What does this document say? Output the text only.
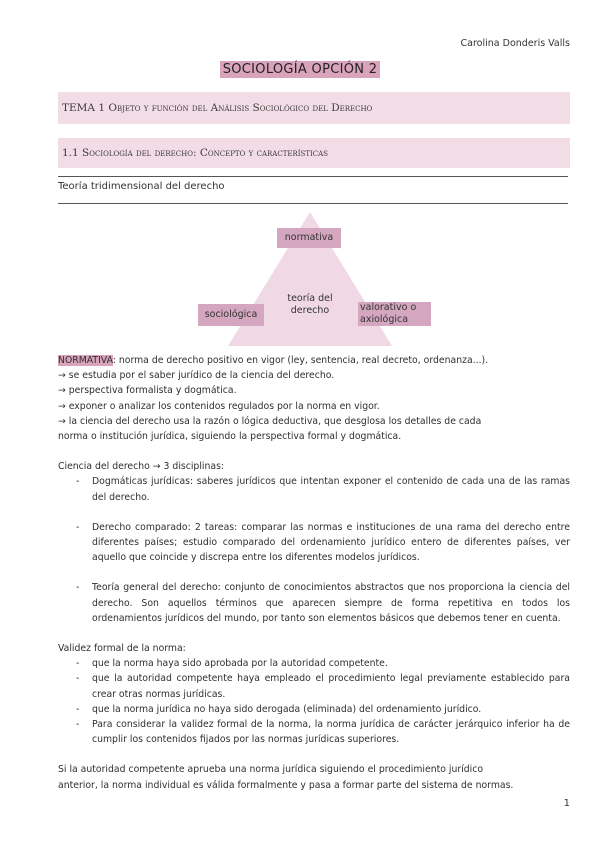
Carolina Donderis Valls
SOCIOLOGÍA OPCIÓN 2
TEMA 1 Objeto y función del Análisis Sociológico del Derecho
1.1 Sociología del derecho: Concepto y características
Teoría tridimensional del derecho
normativa
teoría del derecho
sociológica
valorativo o axiológica

NORMATIVA: norma de derecho positivo en vigor (ley, sentencia, real decreto, ordenanza...).

→ se estudia por el saber jurídico de la ciencia del derecho.

→ perspectiva formalista y dogmática.

→ exponer o analizar los contenidos regulados por la norma en vigor.

→ la ciencia del derecho usa la razón o lógica deductiva, que desglosa los detalles de cada

norma o institución jurídica, siguiendo la perspectiva formal y dogmática.

Ciencia del derecho → 3 disciplinas:

- Dogmáticas jurídicas: saberes jurídicos que intentan exponer el contenido de cada una de las ramas del derecho.
- Derecho comparado: 2 tareas: comparar las normas e instituciones de una rama del derecho entre diferentes países; estudio comparado del ordenamiento jurídico entero de diferentes países, ver aquello que coincide y discrepa entre los diferentes modelos jurídicos.
- Teoría general del derecho: conjunto de conocimientos abstractos que nos proporciona la ciencia del derecho. Son aquellos términos que aparecen siempre de forma repetitiva en todos los ordenamientos jurídicos del mundo, por tanto son elementos básicos que debemos tener en cuenta.

Validez formal de la norma:

- que la norma haya sido aprobada por la autoridad competente.
- que la autoridad competente haya empleado el procedimiento legal previamente establecido para crear otras normas jurídicas.
- que la norma jurídica no haya sido derogada (eliminada) del ordenamiento jurídico.
- Para considerar la validez formal de la norma, la norma jurídica de carácter jerárquico inferior ha de cumplir los contenidos fijados por las normas jurídicas superiores.

Si la autoridad competente aprueba una norma jurídica siguiendo el procedimiento jurídico

anterior, la norma individual es válida formalmente y pasa a formar parte del sistema de normas.

1
